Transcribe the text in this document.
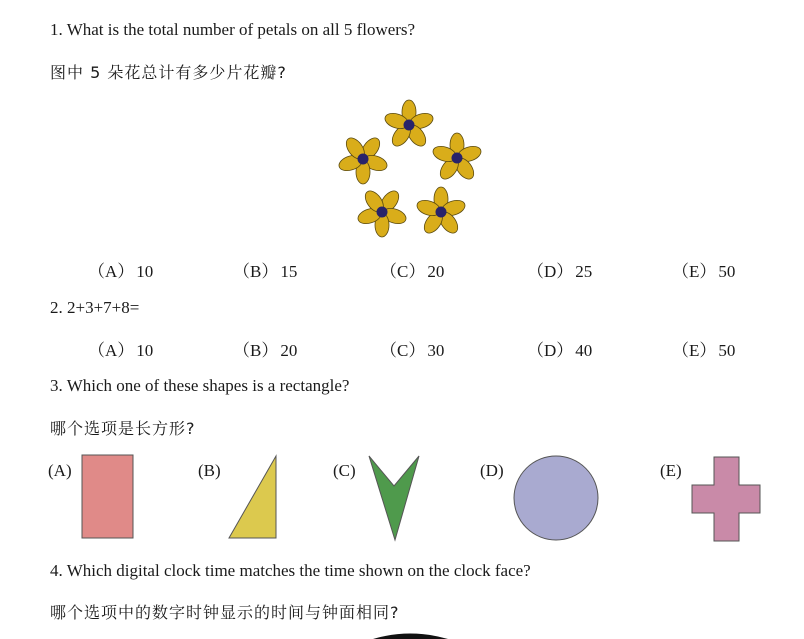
1. What is the total number of petals on all 5 flowers?
图中 5 朵花总计有多少片花瓣?
（A） 10	（B） 15	（C） 20	（D） 25	（E） 50
2. 2+3+7+8=
（A） 10	（B） 20	（C） 30	（D） 40	（E） 50
3. Which one of these shapes is a rectangle?
哪个选项是长方形?
(A)	(B)	(C)	(D)	(E)
4. Which digital clock time matches the time shown on the clock face?
哪个选项中的数字时钟显示的时间与钟面相同?
